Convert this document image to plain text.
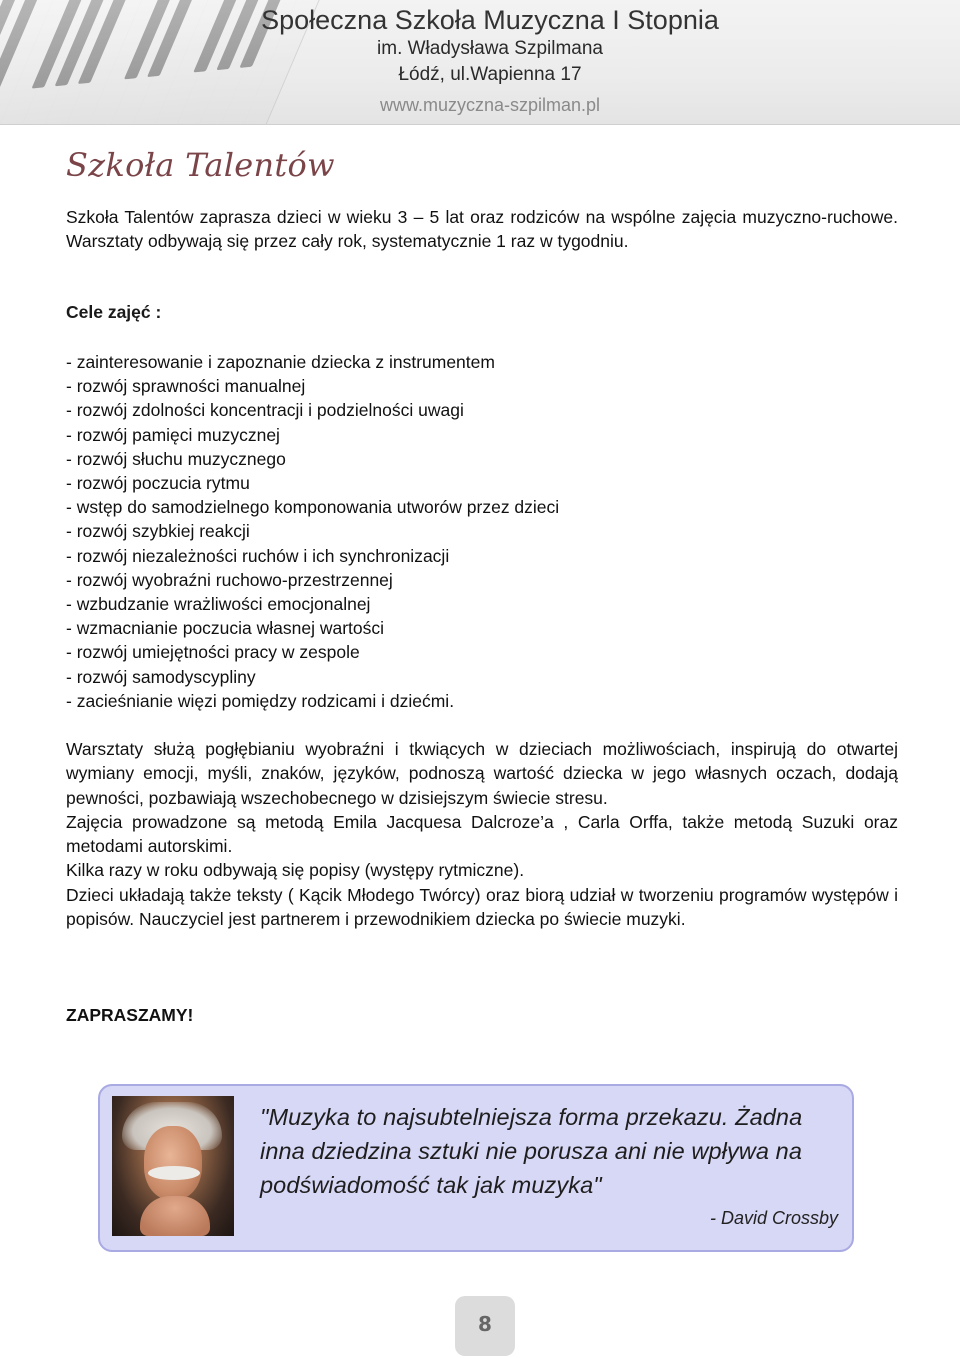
Społeczna Szkoła Muzyczna I Stopnia
im. Władysława Szpilmana
Łódź, ul.Wapienna 17
www.muzyczna-szpilman.pl
Szkoła Talentów
Szkoła Talentów zaprasza dzieci w wieku 3 – 5 lat oraz rodziców na wspólne zajęcia muzyczno-ruchowe. Warsztaty odbywają się przez cały rok, systematycznie 1 raz w tygodniu.
Cele zajęć :
- zainteresowanie i zapoznanie dziecka z instrumentem
- rozwój sprawności manualnej
- rozwój zdolności koncentracji i podzielności uwagi
- rozwój pamięci muzycznej
- rozwój słuchu muzycznego
- rozwój poczucia rytmu
- wstęp do samodzielnego komponowania utworów przez dzieci
- rozwój szybkiej reakcji
- rozwój niezależności ruchów i ich synchronizacji
- rozwój wyobraźni ruchowo-przestrzennej
- wzbudzanie wrażliwości emocjonalnej
- wzmacnianie poczucia własnej wartości
- rozwój umiejętności pracy w zespole
- rozwój samodyscypliny
- zacieśnianie więzi pomiędzy rodzicami i dziećmi.

Warsztaty służą pogłębianiu wyobraźni i tkwiących w dzieciach możliwościach, inspirują do otwartej wymiany emocji, myśli, znaków, języków, podnoszą wartość dziecka w jego własnych oczach, dodają pewności, pozbawiają wszechobecnego w dzisiejszym świecie stresu.

Zajęcia prowadzone są metodą Emila Jacquesa Dalcroze’a , Carla Orffa, także metodą Suzuki oraz metodami autorskimi.

Kilka razy w roku odbywają się popisy (występy rytmiczne).

Dzieci układają także teksty ( Kącik Młodego Twórcy) oraz biorą udział w tworzeniu programów występów i popisów. Nauczyciel jest partnerem i przewodnikiem dziecka po świecie muzyki.

ZAPRASZAMY!
"Muzyka to najsubtelniejsza forma przekazu. Żadna inna dziedzina sztuki nie porusza ani nie wpływa na podświadomość tak jak muzyka"
- David Crossby
8
